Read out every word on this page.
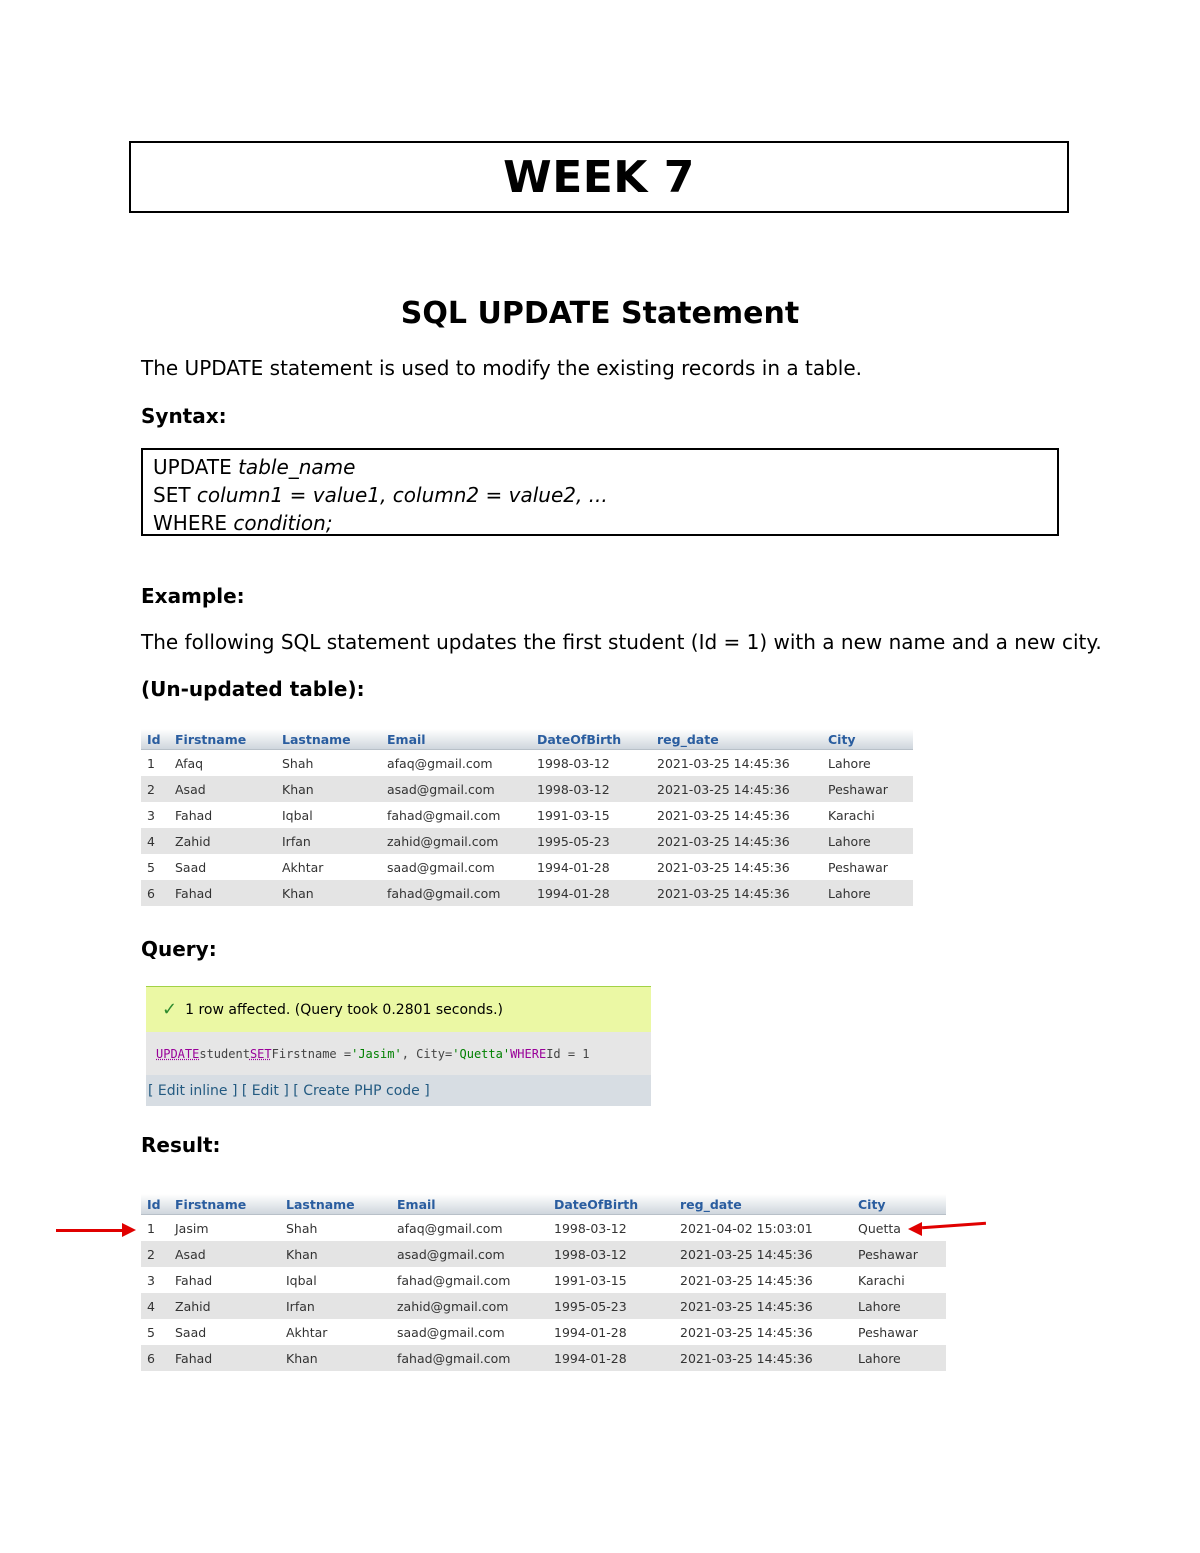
WEEK 7
SQL UPDATE Statement
The UPDATE statement is used to modify the existing records in a table.
Syntax:
UPDATE table_name
SET column1 = value1, column2 = value2, ...
WHERE condition;
Example:
The following SQL statement updates the first student (Id = 1) with a new name and a new city.
(Un-updated table):
Id	Firstname	Lastname	Email	DateOfBirth	reg_date	City
1	Afaq	Shah	afaq@gmail.com	1998-03-12	2021-03-25 14:45:36	Lahore
2	Asad	Khan	asad@gmail.com	1998-03-12	2021-03-25 14:45:36	Peshawar
3	Fahad	Iqbal	fahad@gmail.com	1991-03-15	2021-03-25 14:45:36	Karachi
4	Zahid	Irfan	zahid@gmail.com	1995-05-23	2021-03-25 14:45:36	Lahore
5	Saad	Akhtar	saad@gmail.com	1994-01-28	2021-03-25 14:45:36	Peshawar
6	Fahad	Khan	fahad@gmail.com	1994-01-28	2021-03-25 14:45:36	Lahore
Query:
✓ 1 row affected. (Query took 0.2801 seconds.)
UPDATE student SET Firstname = 'Jasim' , City= 'Quetta' WHERE Id = 1
[ Edit inline ] [ Edit ] [ Create PHP code ]
Result:
Id	Firstname	Lastname	Email	DateOfBirth	reg_date	City
1	Jasim	Shah	afaq@gmail.com	1998-03-12	2021-04-02 15:03:01	Quetta
2	Asad	Khan	asad@gmail.com	1998-03-12	2021-03-25 14:45:36	Peshawar
3	Fahad	Iqbal	fahad@gmail.com	1991-03-15	2021-03-25 14:45:36	Karachi
4	Zahid	Irfan	zahid@gmail.com	1995-05-23	2021-03-25 14:45:36	Lahore
5	Saad	Akhtar	saad@gmail.com	1994-01-28	2021-03-25 14:45:36	Peshawar
6	Fahad	Khan	fahad@gmail.com	1994-01-28	2021-03-25 14:45:36	Lahore
